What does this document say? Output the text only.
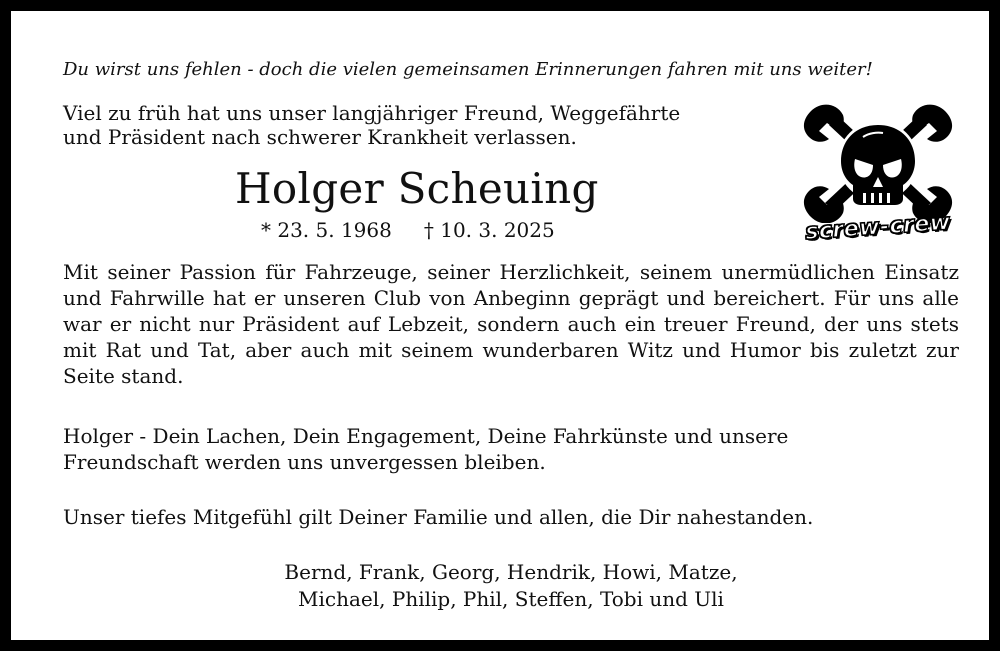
Du wirst uns fehlen - doch die vielen gemeinsamen Erinnerungen fahren mit uns weiter!
Viel zu früh hat uns unser langjähriger Freund, Weggefährte
und Präsident nach schwerer Krankheit verlassen.
Holger Scheuing
* 23. 5. 1968 † 10. 3. 2025	screw-crew
Mit seiner Passion für Fahrzeuge, seiner Herzlichkeit, seinem unermüdlichen Einsatz und Fahrwille hat er unseren Club von Anbeginn geprägt und bereichert. Für uns alle war er nicht nur Präsident auf Lebzeit, sondern auch ein treuer Freund, der uns stets mit Rat und Tat, aber auch mit seinem wunderbaren Witz und Humor bis zuletzt zur Seite stand.
Holger - Dein Lachen, Dein Engagement, Deine Fahrkünste und unsere
Freundschaft werden uns unvergessen bleiben.
Unser tiefes Mitgefühl gilt Deiner Familie und allen, die Dir nahestanden.
Bernd, Frank, Georg, Hendrik, Howi, Matze,
Michael, Philip, Phil, Steffen, Tobi und Uli
